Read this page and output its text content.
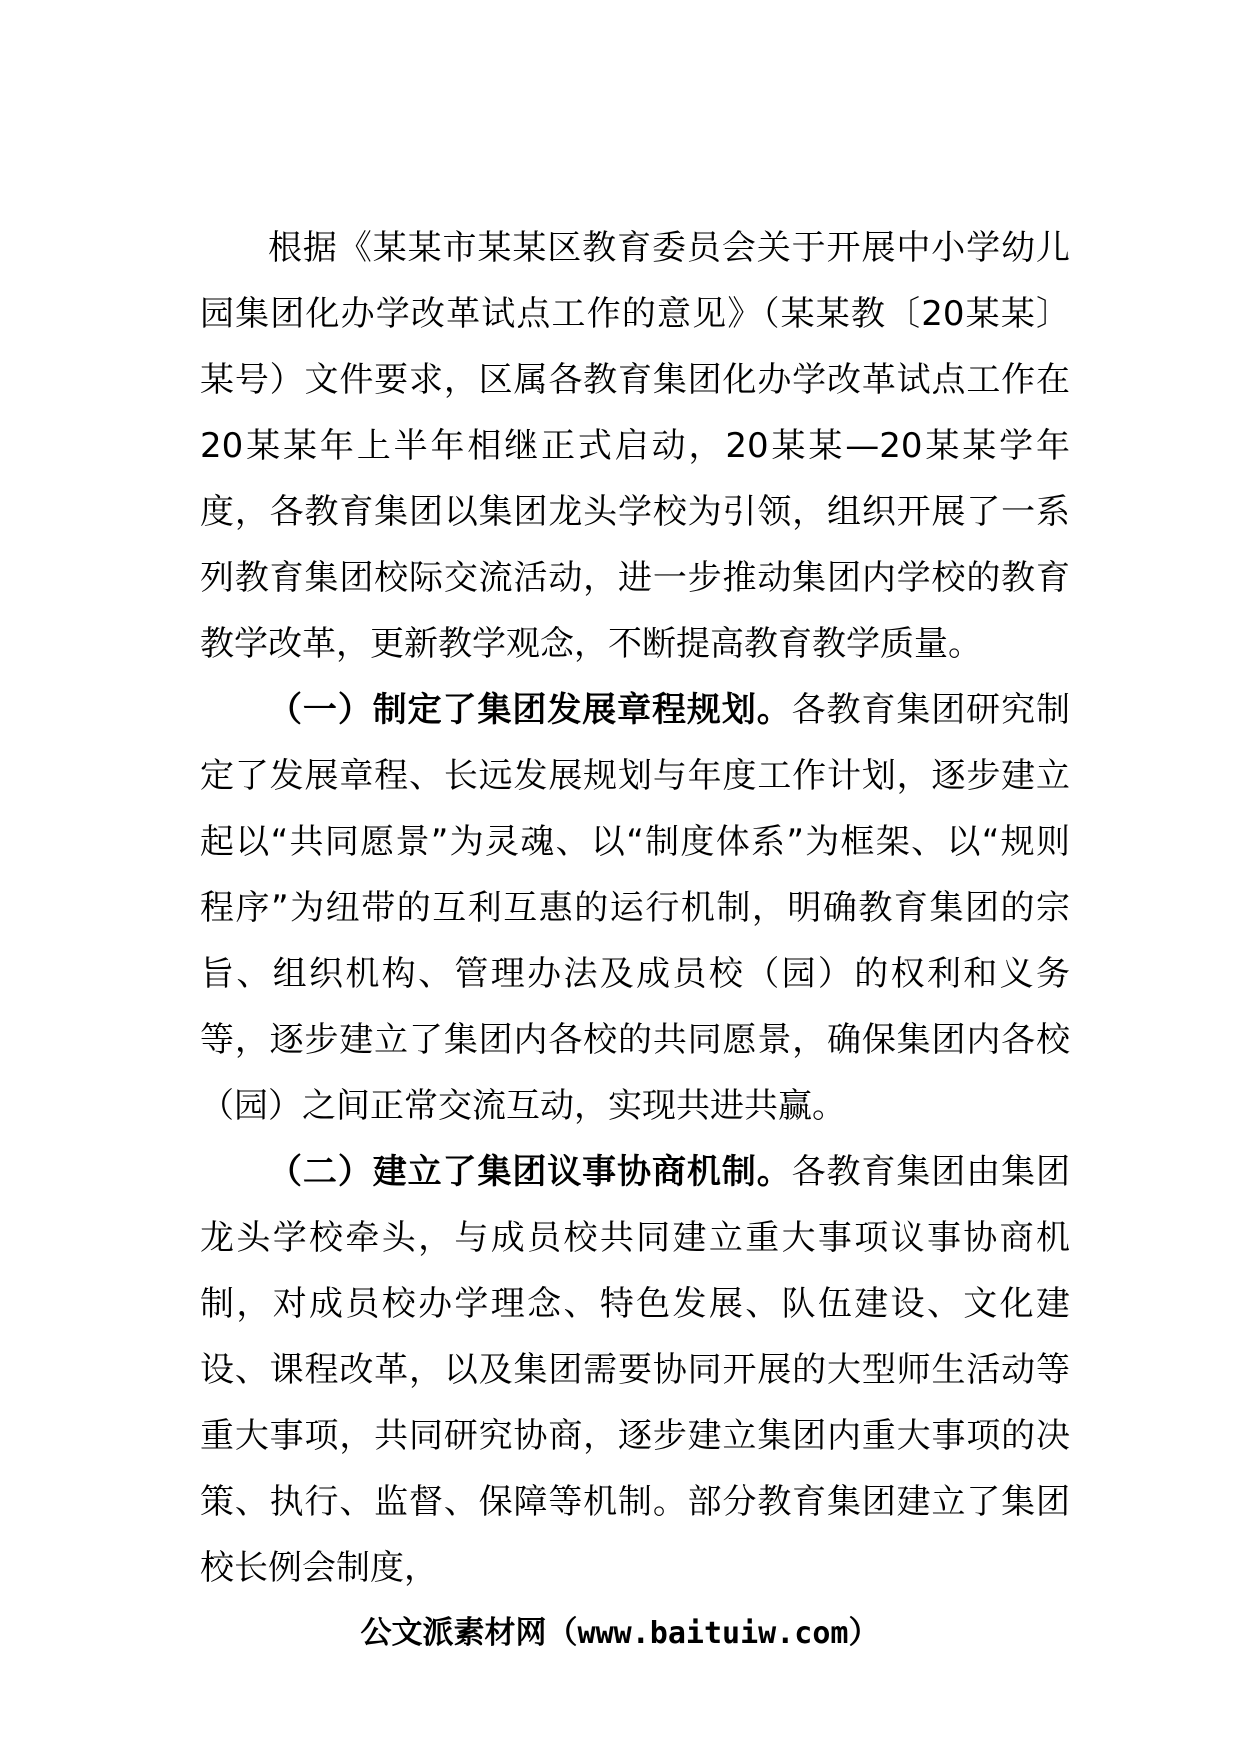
根据《某某市某某区教育委员会关于开展中小学幼儿园集团化办学改革试点工作的意见》（某某教〔20某某〕某号）文件要求，区属各教育集团化办学改革试点工作在20某某年上半年相继正式启动，20某某—20某某学年度，各教育集团以集团龙头学校为引领，组织开展了一系列教育集团校际交流活动，进一步推动集团内学校的教育教学改革，更新教学观念，不断提高教育教学质量。

（一）制定了集团发展章程规划。各教育集团研究制定了发展章程、长远发展规划与年度工作计划，逐步建立起以“共同愿景”为灵魂、以“制度体系”为框架、以“规则程序”为纽带的互利互惠的运行机制，明确教育集团的宗旨、组织机构、管理办法及成员校（园）的权利和义务等，逐步建立了集团内各校的共同愿景，确保集团内各校（园）之间正常交流互动，实现共进共赢。

（二）建立了集团议事协商机制。各教育集团由集团龙头学校牵头，与成员校共同建立重大事项议事协商机制，对成员校办学理念、特色发展、队伍建设、文化建设、课程改革，以及集团需要协同开展的大型师生活动等重大事项，共同研究协商，逐步建立集团内重大事项的决策、执行、监督、保障等机制。部分教育集团建立了集团校长例会制度，

公文派素材网（www.baituiw.com）
